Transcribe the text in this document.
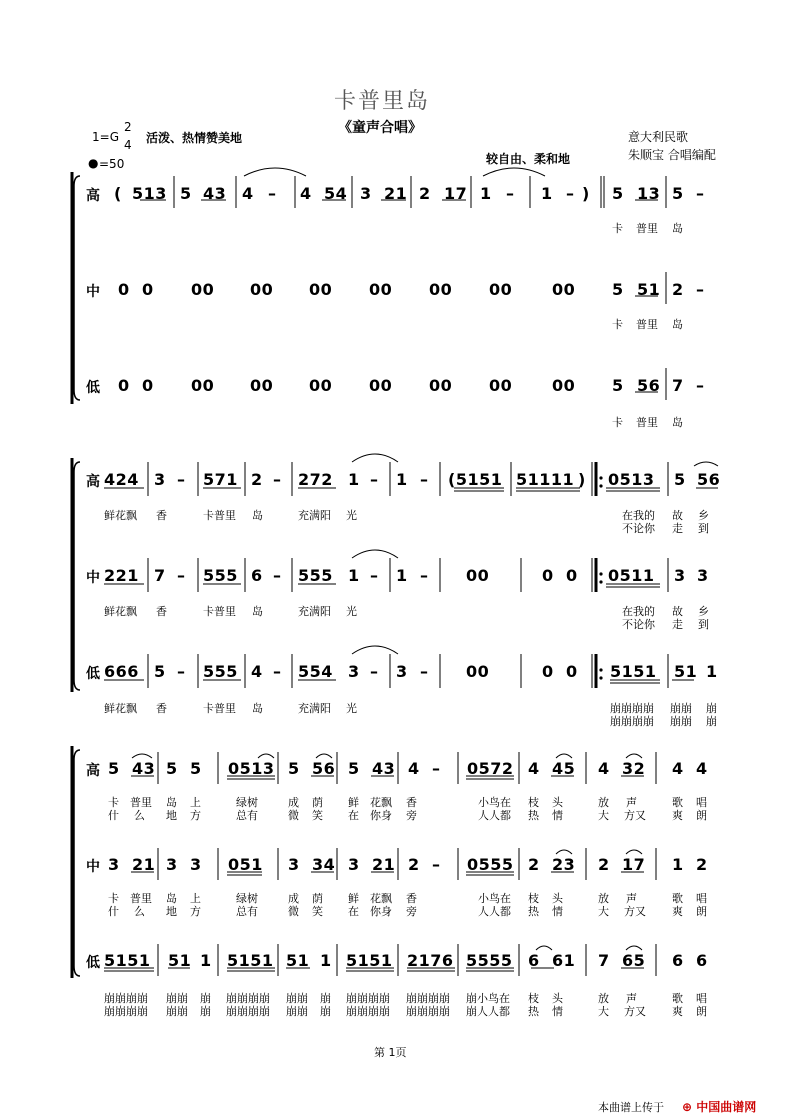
卡普里岛
《童声合唱》
1=G
2
4 活泼、热情赞美地
● =50
意大利民歌
朱顺宝 合唱编配
较自由、柔和地
高
中
低
( 513 5 43 4 – 4 54 3 21 2 17 1 – 1 – ) 5 13 5 –
卡 普里 岛
0 0 00 00 00 00 00 00 00 5 51 2 –
卡 普里 岛
0 0 00 00 00 00 00 00 00 5 56 7 –
卡 普里 岛
高
中
低
424 3 – 571 2 – 272 1 – 1 – (5151 51111 ) 0513 5 56
鲜花飘 香	卡普里 岛	充满阳 光	在我的 故 乡
不论你 走 到
221 7 – 555 6 – 555 1 – 1 – 00	0 0 0511 3 3
鲜花飘 香	卡普里 岛	充满阳 光	在我的 故 乡
不论你 走 到
666 5 – 555 4 – 554 3 – 3 – 00	0 0 5151 51 1
鲜花飘 香	卡普里 岛	充满阳 光	崩崩崩崩 崩崩 崩
崩崩崩崩 崩崩 崩
高
中
低
5 43 5 5 0513 5 56 5 43 4 – 0572 4 45 4 32 4 4
3 21 3 3 051 3 34 3 21 2 – 0555 2 23 2 17 1 2
5151 51 1 5151 51 1 5151 2176 5555 6 61 7 65 6 6
卡 普里 岛 上	绿树	成 荫 鲜 花飘 香	小鸟在 枝 头	放 声	歌 唱
什 么 地 方	总有	微 笑 在 你身 旁	人人都 热 情	大 方又 爽 朗
卡 普里 岛 上	绿树	成 荫 鲜 花飘 香	小鸟在 枝 头	放 声	歌 唱
什 么 地 方	总有	微 笑 在 你身 旁	人人都 热 情	大 方又 爽 朗
崩崩崩崩 崩崩 崩 崩崩崩崩 崩崩 崩 崩崩崩崩 崩崩崩崩 崩小鸟在 枝 头	放 声	歌 唱
崩崩崩崩 崩崩 崩 崩崩崩崩 崩崩 崩 崩崩崩崩 崩崩崩崩 崩人人都 热 情	大 方又 爽 朗
第 1页
本曲谱上传于 ⊕ 中国曲谱网
